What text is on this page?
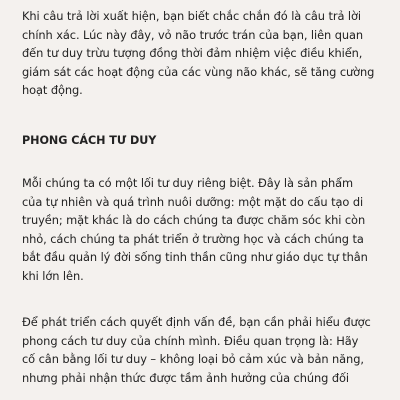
Khi câu trả lời xuất hiện, bạn biết chắc chắn đó là câu trả lời
chính xác. Lúc này đây, vỏ não trước trán của bạn, liên quan
đến tư duy trừu tượng đồng thời đảm nhiệm việc điều khiển,
giám sát các hoạt động của các vùng não khác, sẽ tăng cường
hoạt động.

PHONG CÁCH TƯ DUY

Mỗi chúng ta có một lối tư duy riêng biệt. Đây là sản phẩm
của tự nhiên và quá trình nuôi dưỡng: một mặt do cấu tạo di
truyền; mặt khác là do cách chúng ta được chăm sóc khi còn
nhỏ, cách chúng ta phát triển ở trường học và cách chúng ta
bắt đầu quản lý đời sống tinh thần cũng như giáo dục tự thân
khi lớn lên.

Để phát triển cách quyết định vấn đề, bạn cần phải hiểu được
phong cách tư duy của chính mình. Điều quan trọng là: Hãy
cố cân bằng lối tư duy – không loại bỏ cảm xúc và bản năng,
nhưng phải nhận thức được tầm ảnh hưởng của chúng đối
